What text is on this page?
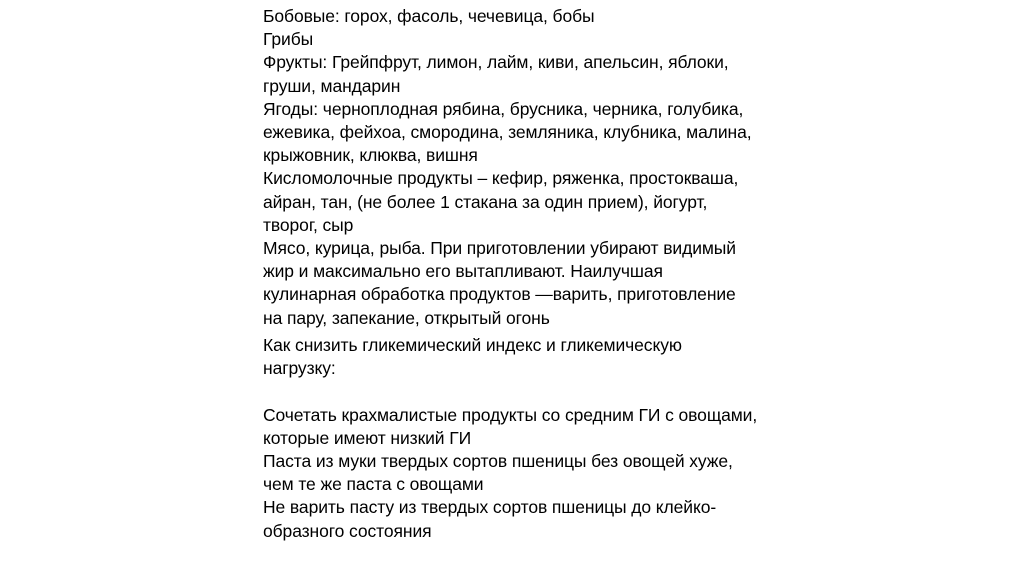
Бобовые: горох, фасоль, чечевица, бобы
Грибы
Фрукты: Грейпфрут, лимон, лайм, киви, апельсин, яблоки,
груши, мандарин
Ягоды: черноплодная рябина, брусника, черника, голубика,
ежевика, фейхоа, смородина, земляника, клубника, малина,
крыжовник, клюква, вишня
Кисломолочные продукты – кефир, ряженка, простокваша,
айран, тан, (не более 1 стакана за один прием), йогурт,
творог, сыр
Мясо, курица, рыба. При приготовлении убирают видимый
жир и максимально его вытапливают. Наилучшая
кулинарная обработка продуктов —варить, приготовление
на пару, запекание, открытый огонь
Как снизить гликемический индекс и гликемическую
нагрузку:
Сочетать крахмалистые продукты со средним ГИ с овощами,
которые имеют низкий ГИ
Паста из муки твердых сортов пшеницы без овощей хуже,
чем те же паста с овощами
Не варить пасту из твердых сортов пшеницы до клейко-
образного состояния
